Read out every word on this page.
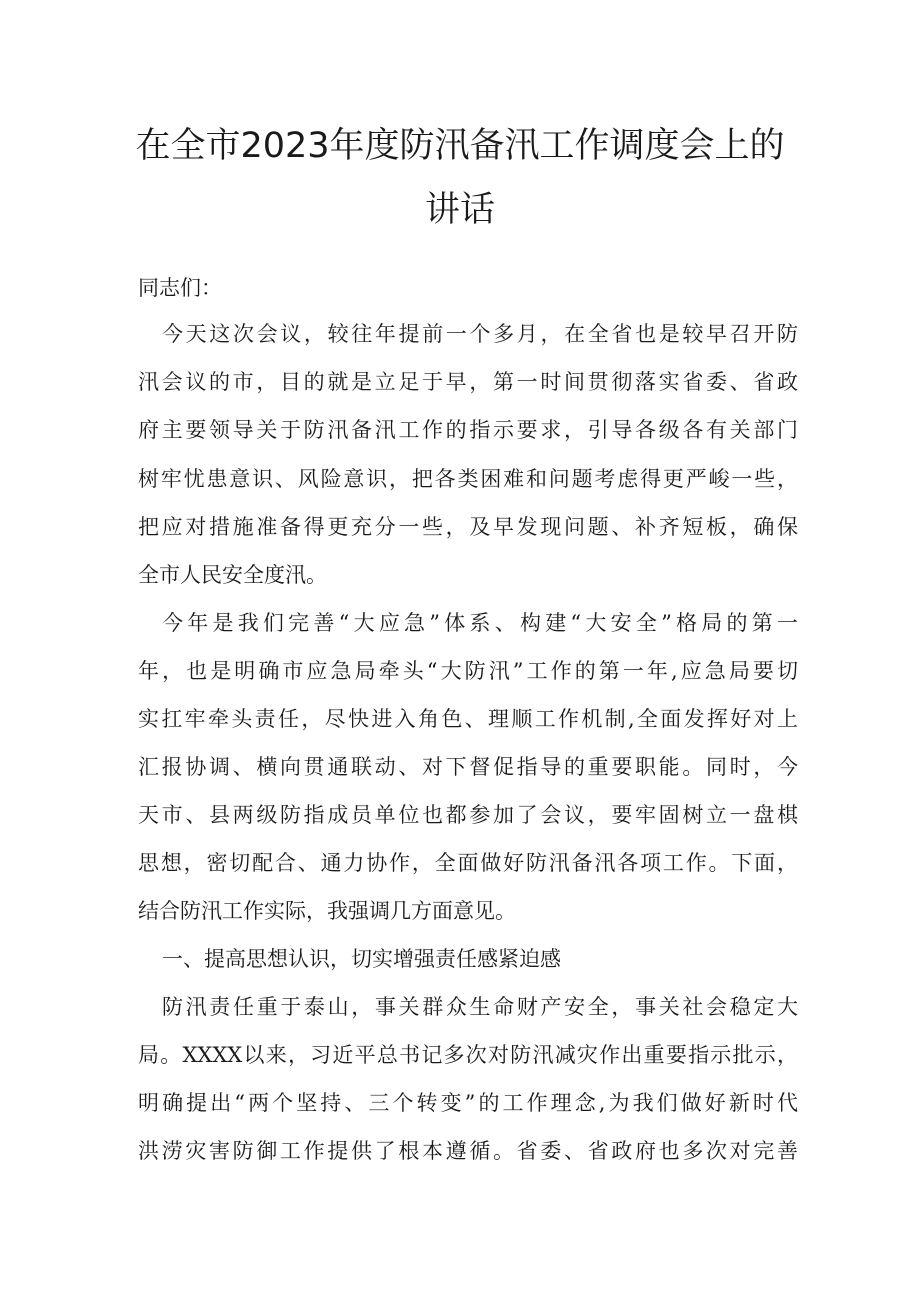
在全市2023年度防汛备汛工作调度会上的
讲话
同志们：
今天这次会议，较往年提前一个多月，在全省也是较早召开防
汛会议的市，目的就是立足于早，第一时间贯彻落实省委、省政
府主要领导关于防汛备汛工作的指示要求，引导各级各有关部门
树牢忧患意识、风险意识，把各类困难和问题考虑得更严峻一些，
把应对措施准备得更充分一些，及早发现问题、补齐短板，确保
全市人民安全度汛。
今年是我们完善“大应急”体系、构建“大安全”格局的第一
年，也是明确市应急局牵头“大防汛”工作的第一年,应急局要切
实扛牢牵头责任，尽快进入角色、理顺工作机制,全面发挥好对上
汇报协调、横向贯通联动、对下督促指导的重要职能。同时，今
天市、县两级防指成员单位也都参加了会议，要牢固树立一盘棋
思想，密切配合、通力协作，全面做好防汛备汛各项工作。下面，
结合防汛工作实际，我强调几方面意见。
一、提高思想认识，切实增强责任感紧迫感
防汛责任重于泰山，事关群众生命财产安全，事关社会稳定大
局。XXXX以来，习近平总书记多次对防汛减灾作出重要指示批示，
明确提出“两个坚持、三个转变”的工作理念,为我们做好新时代
洪涝灾害防御工作提供了根本遵循。省委、省政府也多次对完善
